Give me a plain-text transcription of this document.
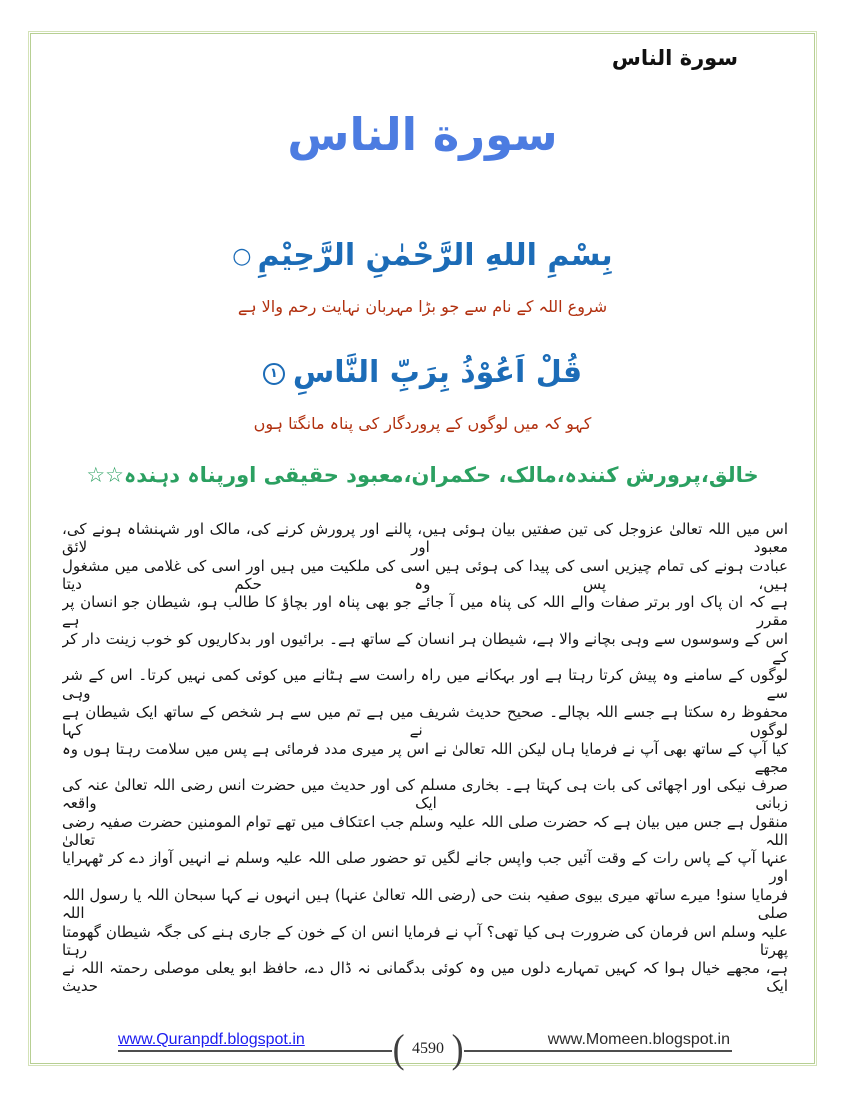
سورة الناس
سورة الناس
بِسْمِ اللهِ الرَّحْمٰنِ الرَّحِيْمِ○
شروع اللہ کے نام سے جو بڑا مہربان نہایت رحم والا ہے
قُلْ اَعُوْذُ بِرَبِّ النَّاسِ١
کہو کہ میں لوگوں کے پروردگار کی پناہ مانگتا ہوں
خالق،پرورش کنندہ،مالک، حکمران،معبود حقیقی اورپناہ دہندہ☆☆
اس میں اللہ تعالیٰ عزوجل کی تین صفتیں بیان ہوئی ہیں، پالنے اور پرورش کرنے کی، مالک اور شہنشاہ ہونے کی، معبود اور لائق
عبادت ہونے کی تمام چیزیں اسی کی پیدا کی ہوئی ہیں اسی کی ملکیت میں ہیں اور اسی کی غلامی میں مشغول ہیں، پس وہ حکم دیتا
ہے کہ ان پاک اور برتر صفات والے اللہ کی پناہ میں آ جائے جو بھی پناہ اور بچاؤ کا طالب ہو، شیطان جو انسان پر مقرر ہے
اس کے وسوسوں سے وہی بچانے والا ہے، شیطان ہر انسان کے ساتھ ہے۔ برائیوں اور بدکاریوں کو خوب زینت دار کر کے
لوگوں کے سامنے وہ پیش کرتا رہتا ہے اور بہکانے میں راہ راست سے ہٹانے میں کوئی کمی نہیں کرتا۔ اس کے شر سے وہی
محفوظ رہ سکتا ہے جسے اللہ بچالے۔ صحیح حدیث شریف میں ہے تم میں سے ہر شخص کے ساتھ ایک شیطان ہے لوگوں نے کہا
کیا آپ کے ساتھ بھی آپ نے فرمایا ہاں لیکن اللہ تعالیٰ نے اس پر میری مدد فرمائی ہے پس میں سلامت رہتا ہوں وہ مجھے
صرف نیکی اور اچھائی کی بات ہی کہتا ہے۔ بخاری مسلم کی اور حدیث میں حضرت انس رضی اللہ تعالیٰ عنہ کی زبانی ایک واقعہ
منقول ہے جس میں بیان ہے کہ حضرت صلی اللہ علیہ وسلم جب اعتکاف میں تھے توام المومنین حضرت صفیہ رضی اللہ تعالیٰ
عنہا آپ کے پاس رات کے وقت آئیں جب واپس جانے لگیں تو حضور صلی اللہ علیہ وسلم نے انہیں آواز دے کر ٹھہرایا اور
فرمایا سنو! میرے ساتھ میری بیوی صفیہ بنت حی (رضی اللہ تعالیٰ عنہا) ہیں انہوں نے کہا سبحان اللہ یا رسول اللہ صلی اللہ
علیہ وسلم اس فرمان کی ضرورت ہی کیا تھی؟ آپ نے فرمایا انس ان کے خون کے جاری ہنے کی جگہ شیطان گھومتا پھرتا رہتا
ہے، مجھے خیال ہوا کہ کہیں تمہارے دلوں میں وہ کوئی بدگمانی نہ ڈال دے، حافظ ابو یعلی موصلی رحمتہ اللہ نے ایک حدیث
www.Quranpdf.blogspot.in ( 4590 )	www.Momeen.blogspot.in
